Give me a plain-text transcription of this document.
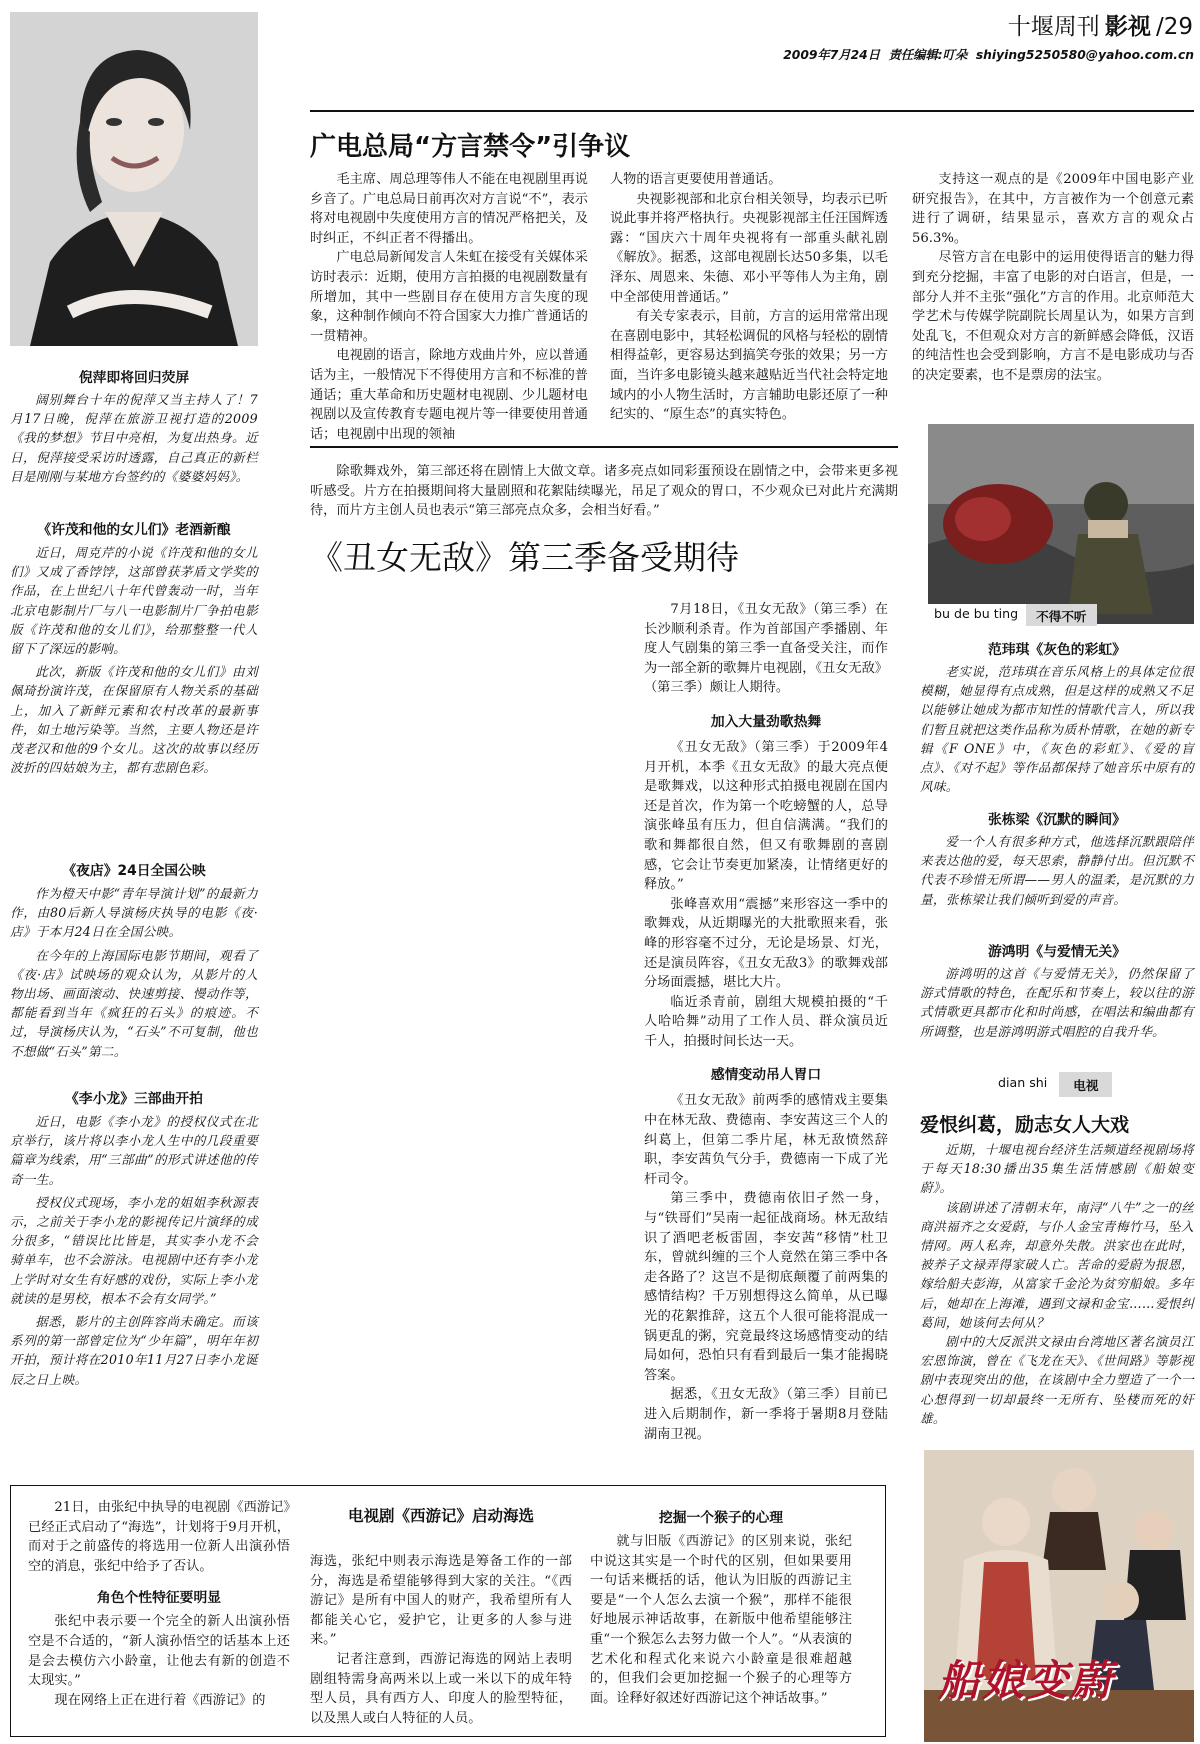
十堰周刊 影视 /29
2009年7月24日 责任编辑:叮朵 shiying5250580@yahoo.com.cn

倪萍即将回归荧屏

阔别舞台十年的倪萍又当主持人了！7月17日晚，倪萍在旅游卫视打造的2009《我的梦想》节目中亮相，为复出热身。近日，倪萍接受采访时透露，自己真正的新栏目是刚刚与某地方台签约的《婆婆妈妈》。

《许茂和他的女儿们》老酒新酿

近日，周克芹的小说《许茂和他的女儿们》又成了香饽饽，这部曾获茅盾文学奖的作品，在上世纪八十年代曾轰动一时，当年北京电影制片厂与八一电影制片厂争拍电影版《许茂和他的女儿们》，给那整整一代人留下了深远的影响。

此次，新版《许茂和他的女儿们》由刘佩琦扮演许茂，在保留原有人物关系的基础上，加入了新鲜元素和农村改革的最新事件，如土地污染等。当然，主要人物还是许茂老汉和他的9个女儿。这次的故事以经历波折的四姑娘为主，都有悲剧色彩。

《夜店》24日全国公映

作为橙天中影“青年导演计划”的最新力作，由80后新人导演杨庆执导的电影《夜·店》于本月24日在全国公映。

在今年的上海国际电影节期间，观看了《夜·店》试映场的观众认为，从影片的人物出场、画面滚动、快速剪接、慢动作等，都能看到当年《疯狂的石头》的痕迹。不过，导演杨庆认为，“石头”不可复制，他也不想做“石头”第二。

《李小龙》三部曲开拍

近日，电影《李小龙》的授权仪式在北京举行，该片将以李小龙人生中的几段重要篇章为线索，用“三部曲”的形式讲述他的传奇一生。

授权仪式现场，李小龙的姐姐李秋源表示，之前关于李小龙的影视传记片演绎的成分很多，“错误比比皆是，其实李小龙不会骑单车，也不会游泳。电视剧中还有李小龙上学时对女生有好感的戏份，实际上李小龙就读的是男校，根本不会有女同学。”

据悉，影片的主创阵容尚未确定。而该系列的第一部曾定位为“少年篇”，明年年初开拍，预计将在2010年11月27日李小龙诞辰之日上映。

广电总局“方言禁令”引争议

毛主席、周总理等伟人不能在电视剧里再说乡音了。广电总局日前再次对方言说“不”，表示将对电视剧中失度使用方言的情况严格把关，及时纠正，不纠正者不得播出。

广电总局新闻发言人朱虹在接受有关媒体采访时表示：近期，使用方言拍摄的电视剧数量有所增加，其中一些剧目存在使用方言失度的现象，这种制作倾向不符合国家大力推广普通话的一贯精神。

电视剧的语言，除地方戏曲片外，应以普通话为主，一般情况下不得使用方言和不标准的普通话；重大革命和历史题材电视剧、少儿题材电视剧以及宣传教育专题电视片等一律要使用普通话；电视剧中出现的领袖

人物的语言更要使用普通话。

央视影视部和北京台相关领导，均表示已听说此事并将严格执行。央视影视部主任汪国辉透露：“国庆六十周年央视将有一部重头献礼剧《解放》。据悉，这部电视剧长达50多集，以毛泽东、周恩来、朱德、邓小平等伟人为主角，剧中全部使用普通话。”

有关专家表示，目前，方言的运用常常出现在喜剧电影中，其轻松调侃的风格与轻松的剧情相得益彰，更容易达到搞笑夸张的效果；另一方面，当许多电影镜头越来越贴近当代社会特定地域内的小人物生活时，方言辅助电影还原了一种纪实的、“原生态”的真实特色。

支持这一观点的是《2009年中国电影产业研究报告》，在其中，方言被作为一个创意元素进行了调研，结果显示，喜欢方言的观众占56.3%。

尽管方言在电影中的运用使得语言的魅力得到充分挖掘，丰富了电影的对白语言，但是，一部分人并不主张“强化”方言的作用。北京师范大学艺术与传媒学院副院长周星认为，如果方言到处乱飞，不但观众对方言的新鲜感会降低，汉语的纯洁性也会受到影响，方言不是电影成功与否的决定要素，也不是票房的法宝。

除歌舞戏外，第三部还将在剧情上大做文章。诸多亮点如同彩蛋预设在剧情之中，会带来更多视听感受。片方在拍摄期间将大量剧照和花絮陆续曝光，吊足了观众的胃口，不少观众已对此片充满期待，而片方主创人员也表示“第三部亮点众多，会相当好看。”

《丑女无敌》第三季备受期待

7月18日，《丑女无敌》（第三季）在长沙顺利杀青。作为首部国产季播剧、年度人气剧集的第三季一直备受关注，而作为一部全新的歌舞片电视剧，《丑女无敌》（第三季）颇让人期待。

加入大量劲歌热舞

《丑女无敌》（第三季）于2009年4月开机，本季《丑女无敌》的最大亮点便是歌舞戏，以这种形式拍摄电视剧在国内还是首次，作为第一个吃螃蟹的人，总导演张峰虽有压力，但自信满满。“我们的歌和舞都很自然，但又有歌舞剧的喜剧感，它会让节奏更加紧凑，让情绪更好的释放。”

张峰喜欢用“震撼”来形容这一季中的歌舞戏，从近期曝光的大批歌照来看，张峰的形容毫不过分，无论是场景、灯光，还是演员阵容，《丑女无敌3》的歌舞戏部分场面震撼，堪比大片。

临近杀青前，剧组大规模拍摄的“千人哈哈舞”动用了工作人员、群众演员近千人，拍摄时间长达一天。

感情变动吊人胃口

《丑女无敌》前两季的感情戏主要集中在林无敌、费德南、李安茜这三个人的纠葛上，但第二季片尾，林无敌愤然辞职，李安茜负气分手，费德南一下成了光杆司令。

第三季中，费德南依旧孑然一身，与“铁哥们”吴南一起征战商场。林无敌结识了酒吧老板雷固，李安茜“移情”杜卫东，曾就纠缠的三个人竟然在第三季中各走各路了？这岂不是彻底颠覆了前两集的感情结构？千万别想得这么简单，从已曝光的花絮推辞，这五个人很可能将混成一锅更乱的粥，究竟最终这场感情变动的结局如何，恐怕只有看到最后一集才能揭晓答案。

据悉，《丑女无敌》（第三季）目前已进入后期制作，新一季将于暑期8月登陆湖南卫视。

bu de bu ting	不得不听

范玮琪《灰色的彩虹》

老实说，范玮琪在音乐风格上的具体定位很模糊，她显得有点成熟，但是这样的成熟又不足以能够让她成为都市知性的情歌代言人，所以我们暂且就把这类作品称为质朴情歌，在她的新专辑《F ONE》中，《灰色的彩虹》、《爱的盲点》、《对不起》等作品都保持了她音乐中原有的风味。

张栋梁《沉默的瞬间》

爱一个人有很多种方式，他选择沉默跟陪伴来表达他的爱，每天思索，静静付出。但沉默不代表不珍惜无所谓——男人的温柔，是沉默的力量，张栋梁让我们倾听到爱的声音。

游鸿明《与爱情无关》

游鸿明的这首《与爱情无关》，仍然保留了游式情歌的特色，在配乐和节奏上，较以往的游式情歌更具都市化和时尚感，在唱法和编曲都有所调整，也是游鸿明游式唱腔的自我升华。

dian shi	电视

爱恨纠葛，励志女人大戏

近期，十堰电视台经济生活频道经视剧场将于每天18:30播出35集生活情感剧《船娘变蔚》。

该剧讲述了清朝末年，南浔“八牛”之一的丝商洪福齐之女爱蔚，与仆人金宝青梅竹马，坠入情网。两人私奔，却意外失散。洪家也在此时，被养子文禄弄得家破人亡。苦命的爱蔚为报恩，嫁给船夫彭海，从富家千金沦为贫穷船娘。多年后，她却在上海滩，遇到文禄和金宝……爱恨纠葛间，她该何去何从？

剧中的大反派洪文禄由台湾地区著名演员江宏恩饰演，曾在《飞龙在天》、《世间路》等影视剧中表现突出的他，在该剧中全力塑造了一个一心想得到一切却最终一无所有、坠楼而死的奸雄。

船娘变蔚

21日，由张纪中执导的电视剧《西游记》已经正式启动了“海选”，计划将于9月开机，而对于之前盛传的将选用一位新人出演孙悟空的消息，张纪中给予了否认。

角色个性特征要明显

张纪中表示要一个完全的新人出演孙悟空是不合适的，“新人演孙悟空的话基本上还是会去模仿六小龄童，让他去有新的创造不太现实。”

现在网络上正在进行着《西游记》的

电视剧《西游记》启动海选

海选，张纪中则表示海选是筹备工作的一部分，海选是希望能够得到大家的关注。“《西游记》是所有中国人的财产，我希望所有人都能关心它，爱护它，让更多的人参与进来。”

记者注意到，西游记海选的网站上表明剧组特需身高两米以上或一米以下的成年特型人员，具有西方人、印度人的脸型特征，以及黑人或白人特征的人员。

挖掘一个猴子的心理

就与旧版《西游记》的区别来说，张纪中说这其实是一个时代的区别，但如果要用一句话来概括的话，他认为旧版的西游记主要是“一个人怎么去演一个猴”，那样不能很好地展示神话故事，在新版中他希望能够注重“一个猴怎么去努力做一个人”。“从表演的艺术化和程式化来说六小龄童是很难超越的，但我们会更加挖掘一个猴子的心理等方面。诠释好叙述好西游记这个神话故事。”
